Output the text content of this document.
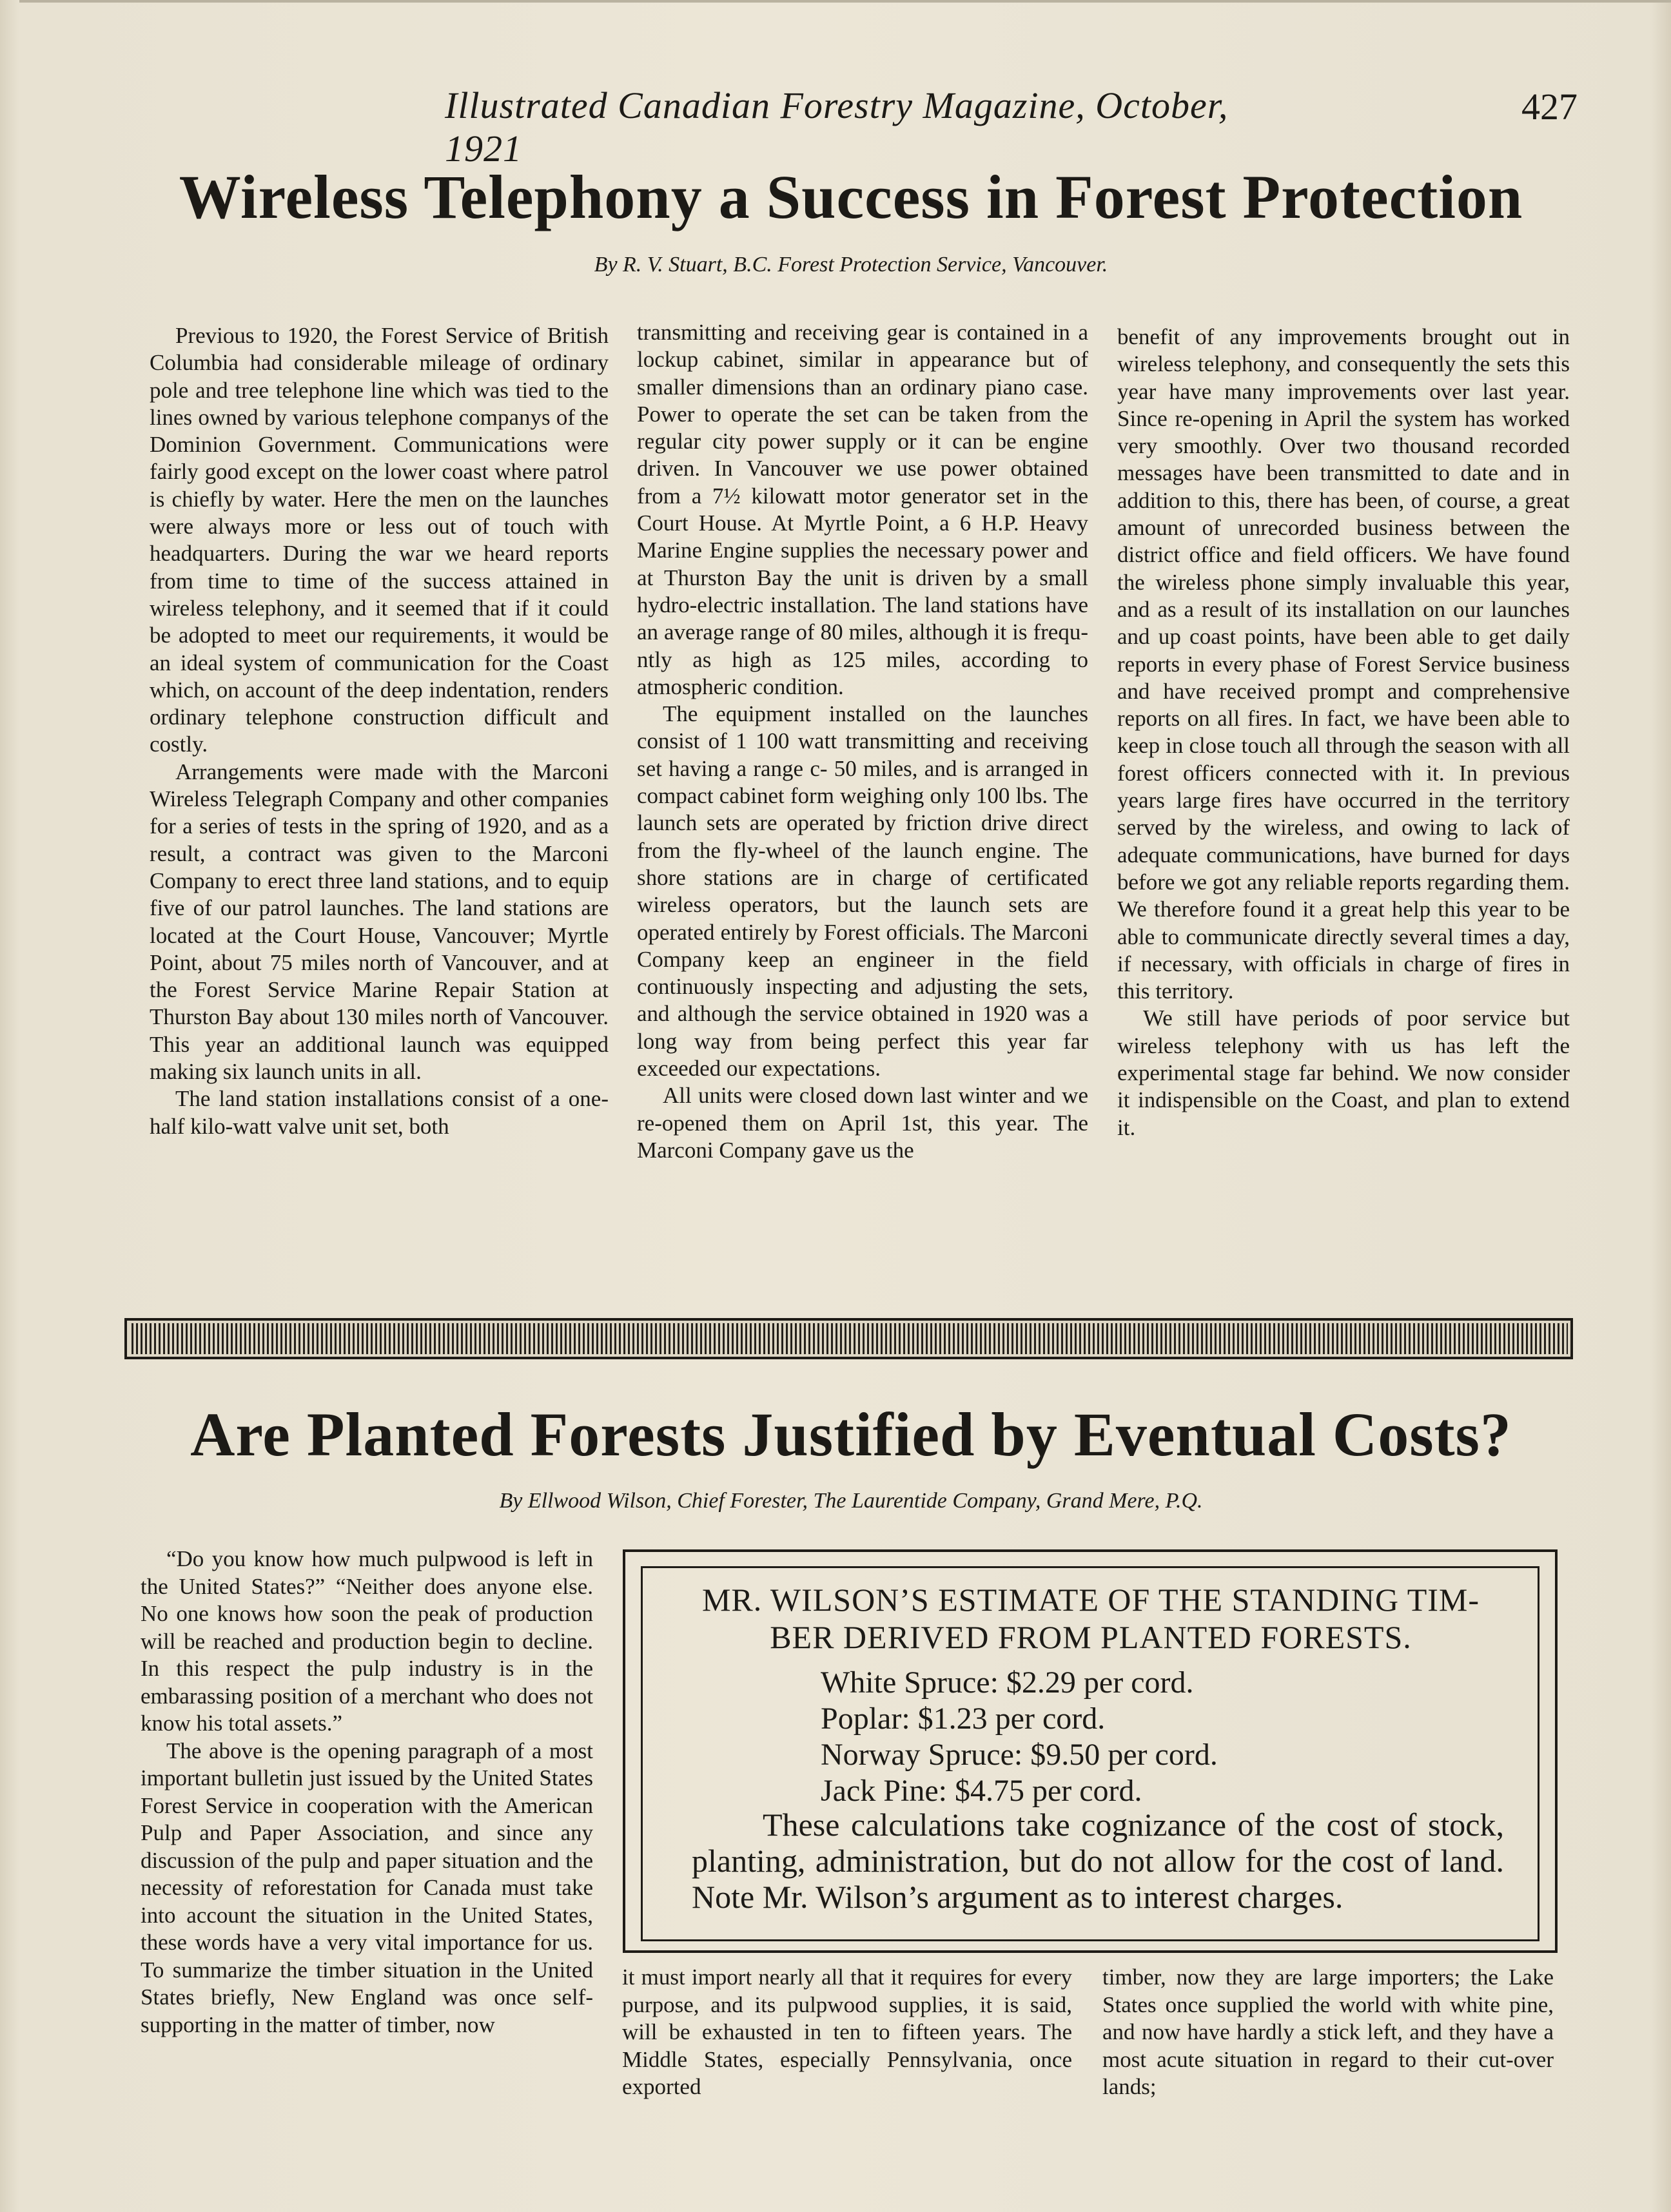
Illustrated Canadian Forestry Magazine, October, 1921
427
Wireless Telephony a Success in Forest Protection
By R. V. Stuart, B.C. Forest Protection Service, Vancouver.

Previous to 1920, the Forest Service of British Columbia had considerable mileage of ordinary pole and tree telephone line which was tied to the lines owned by various telephone companys of the Dominion Government. Communications were fairly good except on the lower coast where patrol is chiefly by water. Here the men on the launches were always more or less out of touch with headquarters. During the war we heard reports from time to time of the success attained in wireless telephony, and it seemed that if it could be adopted to meet our requirements, it would be an ideal system of communication for the Coast which, on account of the deep indentation, renders ordinary telephone construction difficult and costly.

Arrangements were made with the Marconi Wireless Telegraph Company and other companies for a series of tests in the spring of 1920, and as a result, a contract was given to the Marconi Company to erect three land stations, and to equip five of our patrol launches. The land stations are located at the Court House, Vancouver; Myrtle Point, about 75 miles north of Vancouver, and at the Forest Service Marine Repair Station at Thurston Bay about 130 miles north of Vancouver. This year an additional launch was equipped making six launch units in all.

The land station installations consist of a one-half kilo-watt valve unit set, both

transmitting and receiving gear is contained in a lockup cabinet, similar in appearance but of smaller dimensions than an ordinary piano case. Power to operate the set can be taken from the regular city power supply or it can be engine driven. In Vancouver we use power obtained from a 7½ kilowatt motor generator set in the Court House. At Myrtle Point, a 6 H.P. Heavy Marine Engine supplies the necessary power and at Thurston Bay the unit is driven by a small hydro-electric installation. The land stations have an average range of 80 miles, although it is frequ-ntly as high as 125 miles, according to atmospheric condition.

The equipment installed on the launches consist of 1 100 watt transmitting and receiving set having a range c- 50 miles, and is arranged in compact cabinet form weighing only 100 lbs. The launch sets are operated by friction drive direct from the fly-wheel of the launch engine. The shore stations are in charge of certificated wireless operators, but the launch sets are operated entirely by Forest officials. The Marconi Company keep an engineer in the field continuously inspecting and adjusting the sets, and although the service obtained in 1920 was a long way from being perfect this year far exceeded our expectations.

All units were closed down last winter and we re-opened them on April 1st, this year. The Marconi Company gave us the

benefit of any improvements brought out in wireless telephony, and consequently the sets this year have many improvements over last year. Since re-opening in April the system has worked very smoothly. Over two thousand recorded messages have been transmitted to date and in addition to this, there has been, of course, a great amount of unrecorded business between the district office and field officers. We have found the wireless phone simply invaluable this year, and as a result of its installation on our launches and up coast points, have been able to get daily reports in every phase of Forest Service business and have received prompt and comprehensive reports on all fires. In fact, we have been able to keep in close touch all through the season with all forest officers connected with it. In previous years large fires have occurred in the territory served by the wireless, and owing to lack of adequate communications, have burned for days before we got any reliable reports regarding them. We therefore found it a great help this year to be able to communicate directly several times a day, if necessary, with officials in charge of fires in this territory.

We still have periods of poor service but wireless telephony with us has left the experimental stage far behind. We now consider it indispensible on the Coast, and plan to extend it.

Are Planted Forests Justified by Eventual Costs?
By Ellwood Wilson, Chief Forester, The Laurentide Company, Grand Mere, P.Q.

“Do you know how much pulpwood is left in the United States?” “Neither does anyone else. No one knows how soon the peak of production will be reached and production begin to decline. In this respect the pulp industry is in the embarassing position of a merchant who does not know his total assets.”

The above is the opening paragraph of a most important bulletin just issued by the United States Forest Service in cooperation with the American Pulp and Paper Association, and since any discussion of the pulp and paper situation and the necessity of reforestation for Canada must take into account the situation in the United States, these words have a very vital importance for us. To summarize the timber situation in the United States briefly, New England was once self-supporting in the matter of timber, now

MR. WILSON’S ESTIMATE OF THE STANDING TIM-
BER DERIVED FROM PLANTED FORESTS.
White Spruce: $2.29 per cord.
Poplar: $1.23 per cord.
Norway Spruce: $9.50 per cord.
Jack Pine: $4.75 per cord.
These calculations take cognizance of the cost of stock, planting, administration, but do not allow for the cost of land. Note Mr. Wilson’s argument as to interest charges.

it must import nearly all that it requires for every purpose, and its pulpwood supplies, it is said, will be exhausted in ten to fifteen years. The Middle States, especially Pennsylvania, once exported

timber, now they are large importers; the Lake States once supplied the world with white pine, and now have hardly a stick left, and they have a most acute situation in regard to their cut-over lands;
